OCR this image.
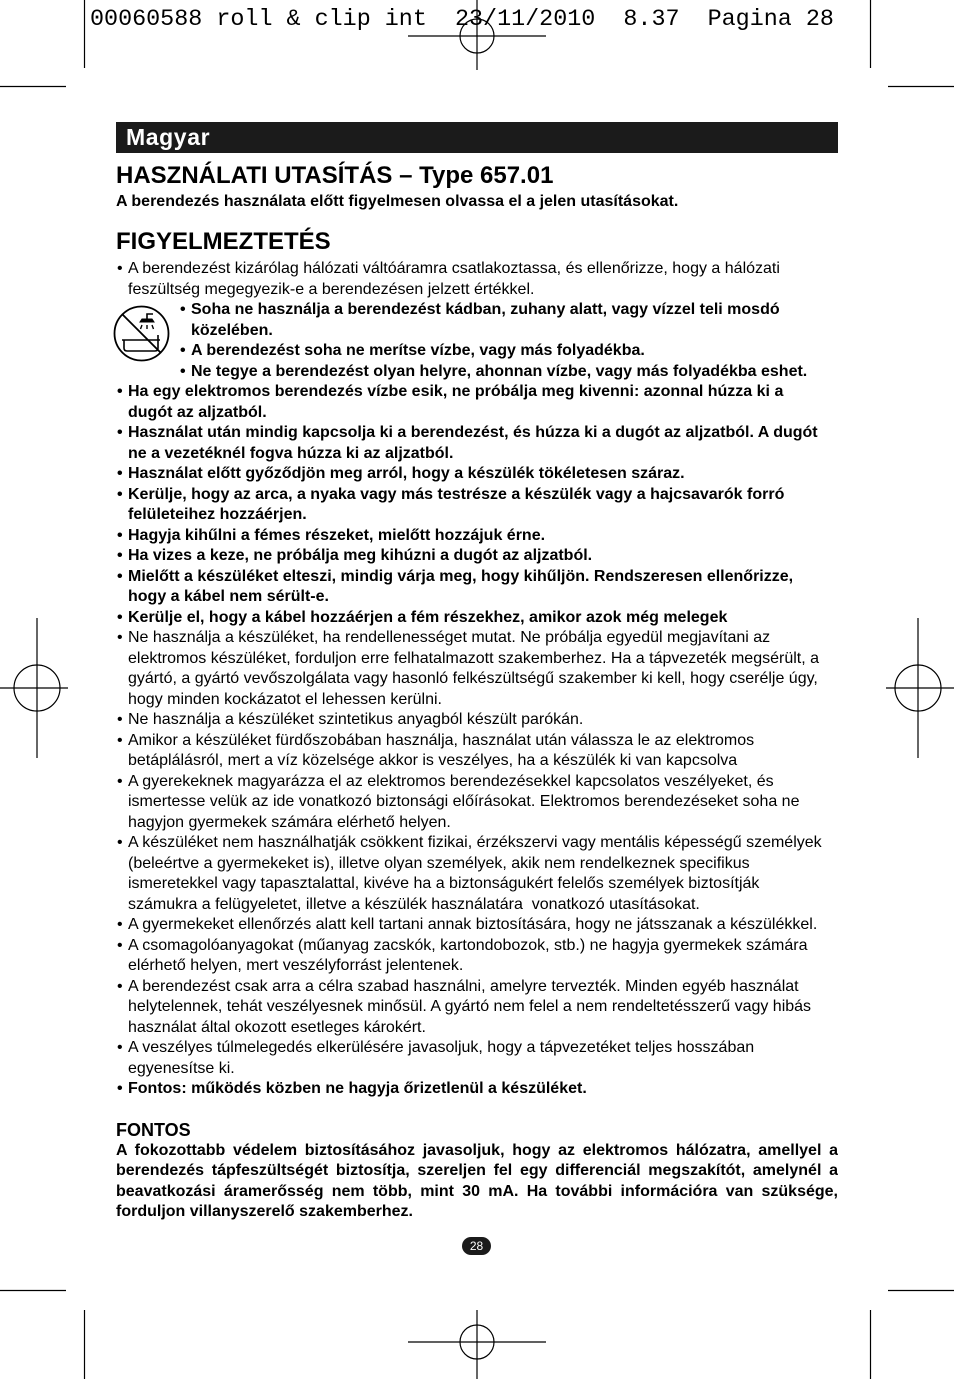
00060588 roll & clip int  23/11/2010  8.37  Pagina 28
Magyar
HASZNÁLATI UTASÍTÁS – Type 657.01
A berendezés használata előtt figyelmesen olvassa el a jelen utasításokat.
FIGYELMEZTETÉS
• A berendezést kizárólag hálózati váltóáramra csatlakoztassa, és ellenőrizze, hogy a hálózati
feszültség megegyezik-e a berendezésen jelzett értékkel.
• Soha ne használja a berendezést kádban, zuhany alatt, vagy vízzel teli mosdó
közelében.
• A berendezést soha ne merítse vízbe, vagy más folyadékba.
• Ne tegye a berendezést olyan helyre, ahonnan vízbe, vagy más folyadékba eshet.
• Ha egy elektromos berendezés vízbe esik, ne próbálja meg kivenni: azonnal húzza ki a
dugót az aljzatból.
• Használat után mindig kapcsolja ki a berendezést, és húzza ki a dugót az aljzatból. A dugót
ne a vezetéknél fogva húzza ki az aljzatból.
• Használat előtt győződjön meg arról, hogy a készülék tökéletesen száraz.
• Kerülje, hogy az arca, a nyaka vagy más testrésze a készülék vagy a hajcsavarók forró
felületeihez hozzáérjen.
• Hagyja kihűlni a fémes részeket, mielőtt hozzájuk érne.
• Ha vizes a keze, ne próbálja meg kihúzni a dugót az aljzatból.
• Mielőtt a készüléket elteszi, mindig várja meg, hogy kihűljön. Rendszeresen ellenőrizze,
hogy a kábel nem sérült-e.
• Kerülje el, hogy a kábel hozzáérjen a fém részekhez, amikor azok még melegek
• Ne használja a készüléket, ha rendellenességet mutat. Ne próbálja egyedül megjavítani az
elektromos készüléket, forduljon erre felhatalmazott szakemberhez. Ha a tápvezeték megsérült, a
gyártó, a gyártó vevőszolgálata vagy hasonló felkészültségű szakember ki kell, hogy cserélje úgy,
hogy minden kockázatot el lehessen kerülni.
• Ne használja a készüléket szintetikus anyagból készült parókán.
• Amikor a készüléket fürdőszobában használja, használat után válassza le az elektromos
betáplálásról, mert a víz közelsége akkor is veszélyes, ha a készülék ki van kapcsolva
• A gyerekeknek magyarázza el az elektromos berendezésekkel kapcsolatos veszélyeket, és
ismertesse velük az ide vonatkozó biztonsági előírásokat. Elektromos berendezéseket soha ne
hagyjon gyermekek számára elérhető helyen.
• A készüléket nem használhatják csökkent fizikai, érzékszervi vagy mentális képességű személyek
(beleértve a gyermekeket is), illetve olyan személyek, akik nem rendelkeznek specifikus
ismeretekkel vagy tapasztalattal, kivéve ha a biztonságukért felelős személyek biztosítják
számukra a felügyeletet, illetve a készülék használatára  vonatkozó utasításokat.
• A gyermekeket ellenőrzés alatt kell tartani annak biztosítására, hogy ne játsszanak a készülékkel.
• A csomagolóanyagokat (műanyag zacskók, kartondobozok, stb.) ne hagyja gyermekek számára
elérhető helyen, mert veszélyforrást jelentenek.
• A berendezést csak arra a célra szabad használni, amelyre tervezték. Minden egyéb használat
helytelennek, tehát veszélyesnek minősül. A gyártó nem felel a nem rendeltetésszerű vagy hibás
használat által okozott esetleges károkért.
• A veszélyes túlmelegedés elkerülésére javasoljuk, hogy a tápvezetéket teljes hosszában
egyenesítse ki.
• Fontos: működés közben ne hagyja őrizetlenül a készüléket.
FONTOS
A fokozottabb védelem biztosításához javasoljuk, hogy az elektromos hálózatra, amellyel a
berendezés tápfeszültségét biztosítja, szereljen fel egy differenciál megszakítót, amelynél a
beavatkozási áramerősség nem több, mint 30 mA. Ha további információra van szüksége,
forduljon villanyszerelő szakemberhez.
28
